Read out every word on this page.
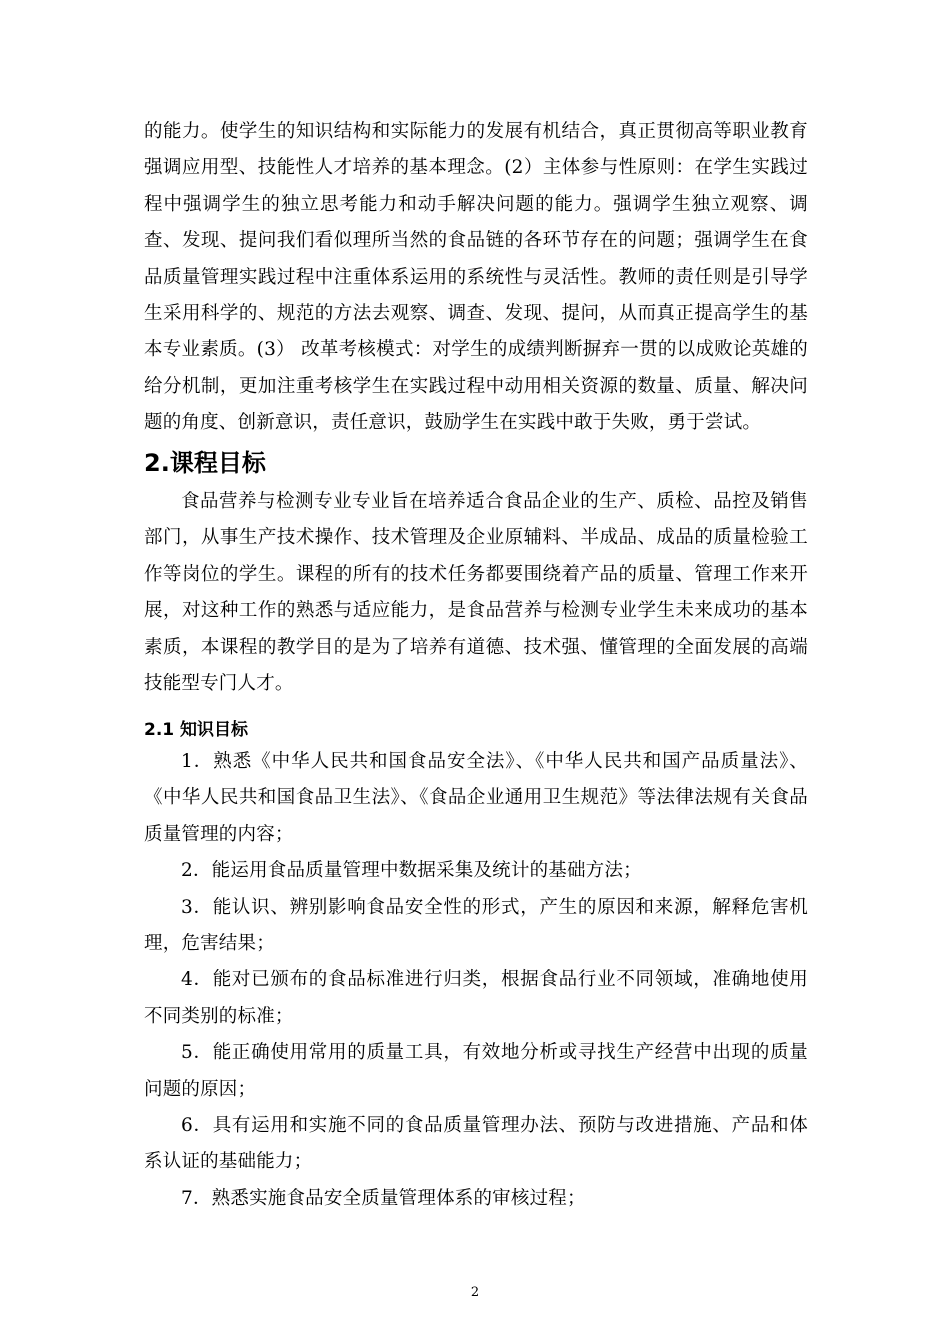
的能力。使学生的知识结构和实际能力的发展有机结合，真正贯彻高等职业教育强调应用型、技能性人才培养的基本理念。(2）主体参与性原则：在学生实践过程中强调学生的独立思考能力和动手解决问题的能力。强调学生独立观察、调查、发现、提问我们看似理所当然的食品链的各环节存在的问题；强调学生在食品质量管理实践过程中注重体系运用的系统性与灵活性。教师的责任则是引导学生采用科学的、规范的方法去观察、调查、发现、提问，从而真正提高学生的基本专业素质。(3） 改革考核模式：对学生的成绩判断摒弃一贯的以成败论英雄的给分机制，更加注重考核学生在实践过程中动用相关资源的数量、质量、解决问题的角度、创新意识，责任意识，鼓励学生在实践中敢于失败，勇于尝试。

2.课程目标

食品营养与检测专业专业旨在培养适合食品企业的生产、质检、品控及销售部门，从事生产技术操作、技术管理及企业原辅料、半成品、成品的质量检验工作等岗位的学生。课程的所有的技术任务都要围绕着产品的质量、管理工作来开展，对这种工作的熟悉与适应能力，是食品营养与检测专业学生未来成功的基本素质，本课程的教学目的是为了培养有道德、技术强、懂管理的全面发展的高端技能型专门人才。

2.1 知识目标

1．熟悉《中华人民共和国食品安全法》、《中华人民共和国产品质量法》、《中华人民共和国食品卫生法》、《食品企业通用卫生规范》等法律法规有关食品质量管理的内容；

2．能运用食品质量管理中数据采集及统计的基础方法；

3．能认识、辨别影响食品安全性的形式，产生的原因和来源，解释危害机理，危害结果；

4．能对已颁布的食品标准进行归类，根据食品行业不同领域，准确地使用不同类别的标准；

5．能正确使用常用的质量工具，有效地分析或寻找生产经营中出现的质量问题的原因；

6．具有运用和实施不同的食品质量管理办法、预防与改进措施、产品和体系认证的基础能力；

7．熟悉实施食品安全质量管理体系的审核过程；

2
